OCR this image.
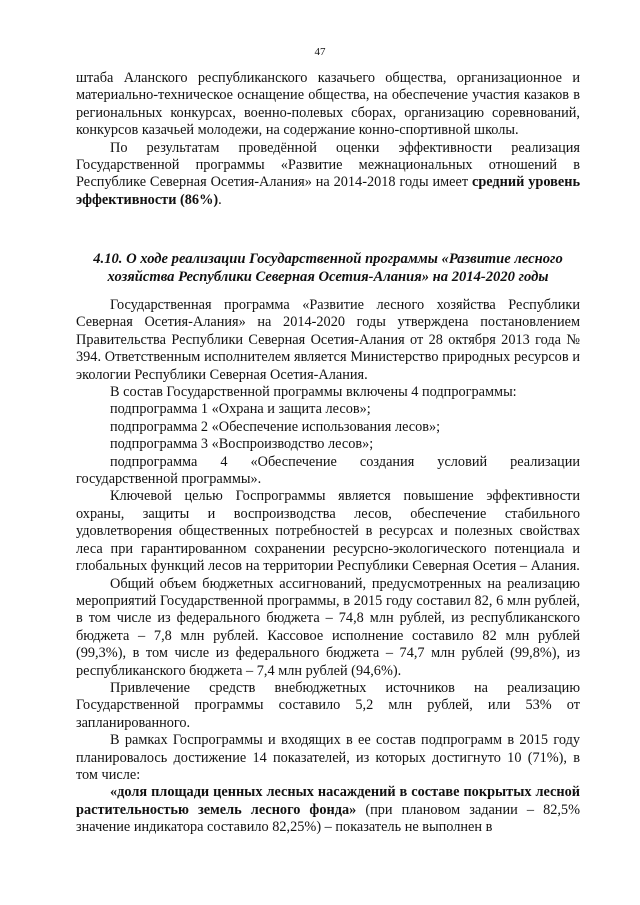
47

штаба Аланского республиканского казачьего общества, организационное и материально-техническое оснащение общества, на обеспечение участия казаков в региональных конкурсах, военно-полевых сборах, организацию соревнований, конкурсов казачьей молодежи, на содержание конно-спортивной школы.

По результатам проведённой оценки эффективности реализация Государственной программы «Развитие межнациональных отношений в Республике Северная Осетия-Алания» на 2014-2018 годы имеет средний уровень эффективности (86%).

4.10. О ходе реализации Государственной программы «Развитие лесного хозяйства Республики Северная Осетия-Алания» на 2014-2020 годы

Государственная программа «Развитие лесного хозяйства Республики Северная Осетия-Алания» на 2014-2020 годы утверждена постановлением Правительства Республики Северная Осетия-Алания от 28 октября 2013 года № 394. Ответственным исполнителем является Министерство природных ресурсов и экологии Республики Северная Осетия-Алания.

В состав Государственной программы включены 4 подпрограммы:

подпрограмма 1 «Охрана и защита лесов»;

подпрограмма 2 «Обеспечение использования лесов»;

подпрограмма 3 «Воспроизводство лесов»;

подпрограмма 4 «Обеспечение создания условий реализации государственной программы».

Ключевой целью Госпрограммы является повышение эффективности охраны, защиты и воспроизводства лесов, обеспечение стабильного удовлетворения общественных потребностей в ресурсах и полезных свойствах леса при гарантированном сохранении ресурсно-экологического потенциала и глобальных функций лесов на территории Республики Северная Осетия – Алания.

Общий объем бюджетных ассигнований, предусмотренных на реализацию мероприятий Государственной программы, в 2015 году составил 82, 6 млн рублей, в том числе из федерального бюджета – 74,8 млн рублей, из республиканского бюджета – 7,8 млн рублей. Кассовое исполнение составило 82 млн рублей (99,3%), в том числе из федерального бюджета – 74,7 млн рублей (99,8%), из республиканского бюджета – 7,4 млн рублей (94,6%).

Привлечение средств внебюджетных источников на реализацию Государственной программы составило 5,2 млн рублей, или 53% от запланированного.

В рамках Госпрограммы и входящих в ее состав подпрограмм в 2015 году планировалось достижение 14 показателей, из которых достигнуто 10 (71%), в том числе:

«доля площади ценных лесных насаждений в составе покрытых лесной растительностью земель лесного фонда» (при плановом задании – 82,5% значение индикатора составило 82,25%) – показатель не выполнен в
